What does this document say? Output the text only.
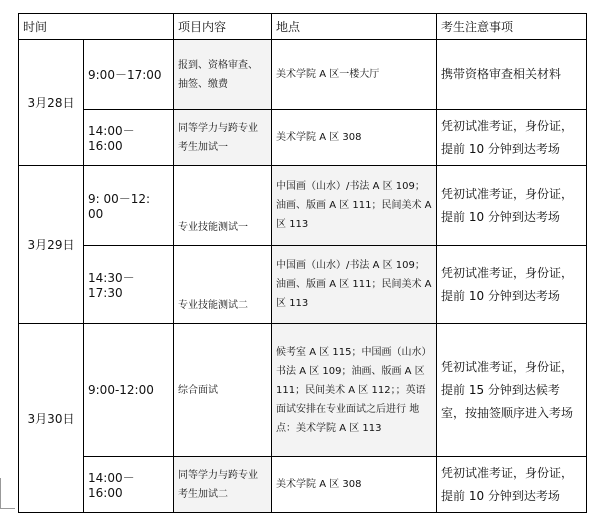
时间		项目内容	地点	考生注意事项
3月28日	9:00－17:00	报到、资格审查、抽签、缴费	美术学院 A 区一楼大厅	携带资格审查相关材料
	14:00－16:00	同等学力与跨专业考生加试一	美术学院 A 区 308	凭初试准考证，身份证，提前 10 分钟到达考场
3月29日	9: 00－12: 00	专业技能测试一	中国画（山水）/书法 A 区 109；油画、版画 A 区 111；民间美术 A 区 113	凭初试准考证，身份证，提前 10 分钟到达考场
	14:30－17:30	专业技能测试二	中国画（山水）/书法 A 区 109；油画、版画 A 区 111；民间美术 A 区 113	凭初试准考证，身份证，提前 10 分钟到达考场
3月30日	9:00-12:00	综合面试	候考室 A 区 115；中国画（山水）书法 A 区 109；油画、版画 A 区 111；民间美术 A 区 112；；英语面试安排在专业面试之后进行 地点：美术学院 A 区 113	凭初试准考证，身份证，提前 15 分钟到达候考室，按抽签顺序进入考场
	14:00－16:00	同等学力与跨专业考生加试二	美术学院 A 区 308	凭初试准考证，身份证，提前 10 分钟到达考场
